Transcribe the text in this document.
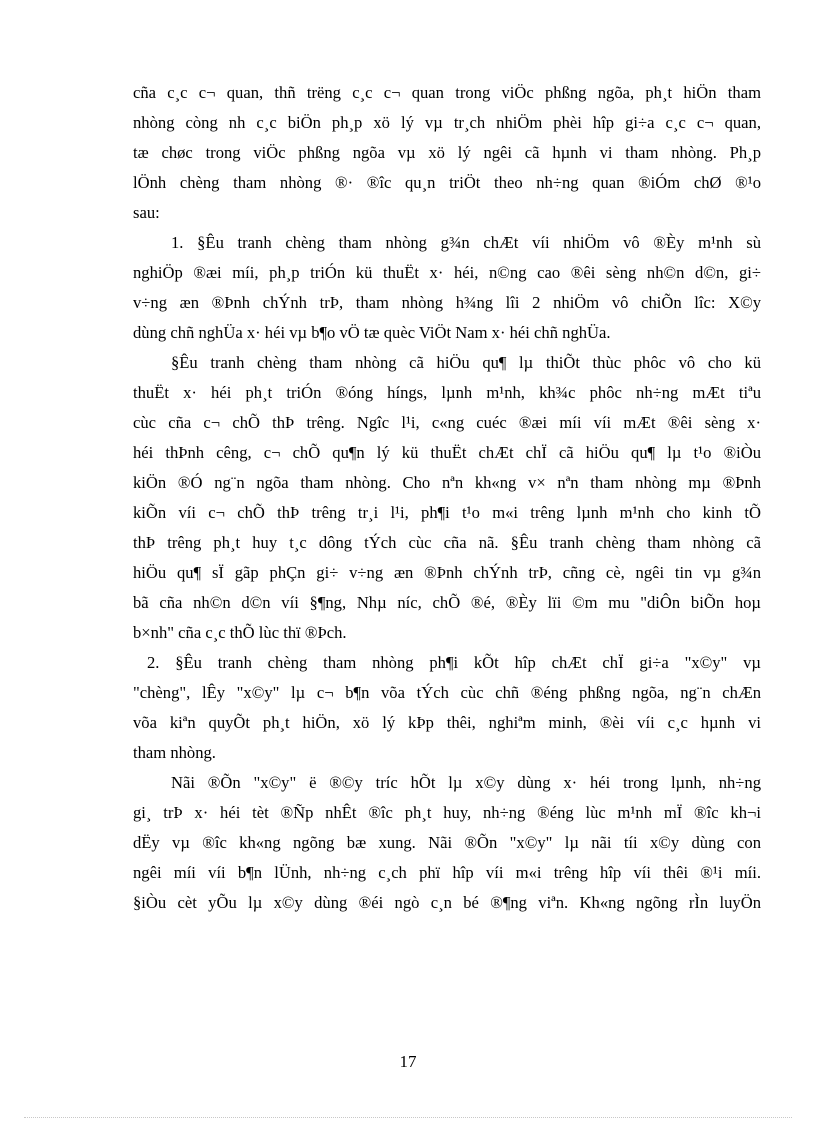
cña c¸c c¬ quan, thñ trëng c¸c c¬ quan trong viÖc phßng ngõa, ph¸t hiÖn tham
nhòng còng nh c¸c biÖn ph¸p xö lý vµ tr¸ch nhiÖm phèi hîp gi÷a c¸c c¬ quan,
tæ chøc trong viÖc phßng ngõa vµ xö lý ngêi cã hµnh vi tham nhòng. Ph¸p
lÖnh chèng tham nhòng ®· ®îc qu¸n triÖt theo nh÷ng quan ®iÓm chØ ®¹o
sau:
1. §Êu tranh chèng tham nhòng g¾n chÆt víi nhiÖm vô ®Èy m¹nh sù
nghiÖp ®æi míi, ph¸p triÓn kü thuËt x· héi, n©ng cao ®êi sèng nh©n d©n, gi÷
v÷ng æn ®Þnh chÝnh trÞ, tham nhòng h¾ng lîi 2 nhiÖm vô chiÕn lîc: X©y
dùng chñ nghÜa x· héi vµ b¶o vÖ tæ quèc ViÖt Nam x· héi chñ nghÜa.
§Êu tranh chèng tham nhòng cã hiÖu qu¶ lµ thiÕt thùc phôc vô cho kü
thuËt x· héi ph¸t triÓn ®óng híngs, lµnh m¹nh, kh¾c phôc nh÷ng mÆt tiªu
cùc cña c¬ chÕ thÞ trêng. Ngîc l¹i, c«ng cuéc ®æi míi víi mÆt ®êi sèng x·
héi thÞnh cêng, c¬ chÕ qu¶n lý kü thuËt chÆt chÏ cã hiÖu qu¶ lµ t¹o ®iÒu
kiÖn ®Ó ng¨n ngõa tham nhòng. Cho nªn kh«ng v× nªn tham nhòng mµ ®Þnh
kiÕn víi c¬ chÕ thÞ trêng tr¸i l¹i, ph¶i t¹o m«i trêng lµnh m¹nh cho kinh tÕ
thÞ trêng ph¸t huy t¸c dông tÝch cùc cña nã. §Êu tranh chèng tham nhòng cã
hiÖu qu¶ sÏ gãp phÇn gi÷ v÷ng æn ®Þnh chÝnh trÞ, cñng cè, ngêi tin vµ g¾n
bã cña nh©n d©n víi §¶ng, Nhµ níc, chÕ ®é, ®Èy lïi ©m mu "diÔn biÕn hoµ
b×nh" cña c¸c thÕ lùc thï ®Þch.
2. §Êu tranh chèng tham nhòng ph¶i kÕt hîp chÆt chÏ gi÷a "x©y" vµ
"chèng", lÊy "x©y" lµ c¬ b¶n võa tÝch cùc chñ ®éng phßng ngõa, ng¨n chÆn
võa kiªn quyÕt ph¸t hiÖn, xö lý kÞp thêi, nghiªm minh, ®èi víi c¸c hµnh vi
tham nhòng.
Nãi ®Õn "x©y" ë ®©y tríc hÕt lµ x©y dùng x· héi trong lµnh, nh÷ng
gi¸ trÞ x· héi tèt ®Ñp nhÊt ®îc ph¸t huy, nh÷ng ®éng lùc m¹nh mÏ ®îc kh¬i
dËy vµ ®îc kh«ng ngõng bæ xung. Nãi ®Õn "x©y" lµ nãi tíi x©y dùng con
ngêi míi víi b¶n lÜnh, nh÷ng c¸ch phï hîp víi m«i trêng hîp víi thêi ®¹i míi.
§iÒu cèt yÕu lµ x©y dùng ®éi ngò c¸n bé ®¶ng viªn. Kh«ng ngõng rÌn luyÖn
17
